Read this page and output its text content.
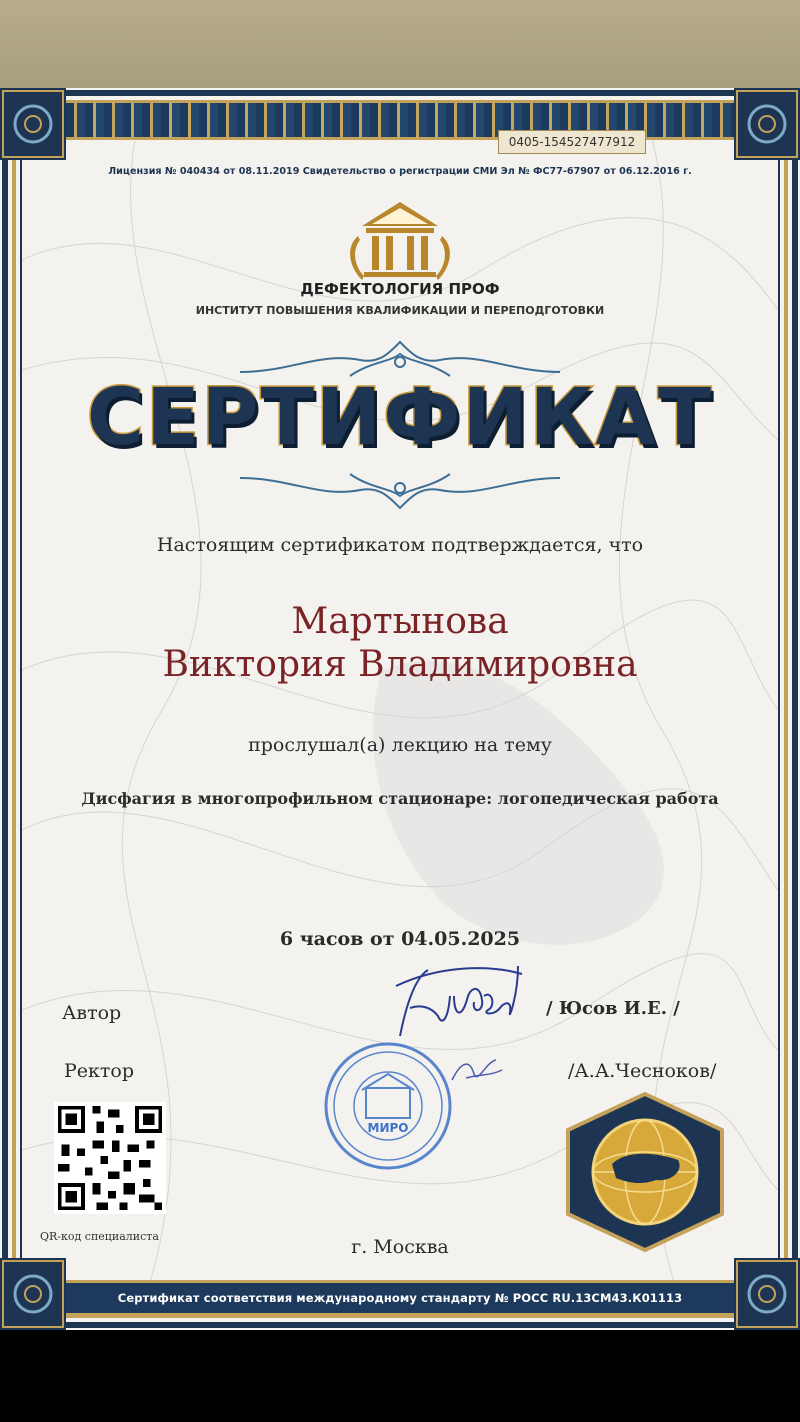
0405-154527477912
Лицензия № 040434 от 08.11.2019 Свидетельство о регистрации СМИ Эл № ФС77-67907 от 06.12.2016 г.
ДЕФЕКТОЛОГИЯ ПРОФ
ИНСТИТУТ ПОВЫШЕНИЯ КВАЛИФИКАЦИИ И ПЕРЕПОДГОТОВКИ
СЕРТИФИКАТ
Настоящим сертификатом подтверждается, что
Мартынова
Виктория Владимировна
прослушал(а) лекцию на тему
Дисфагия в многопрофильном стационаре: логопедическая работа
6 часов от 04.05.2025
Автор	/ Юсов И.Е. /
Ректор	/А.А.Чесноков/
МИРО
QR-код специалиста	г. Москва
Сертификат соответствия международному стандарту № РОСС RU.13СМ43.К01113
